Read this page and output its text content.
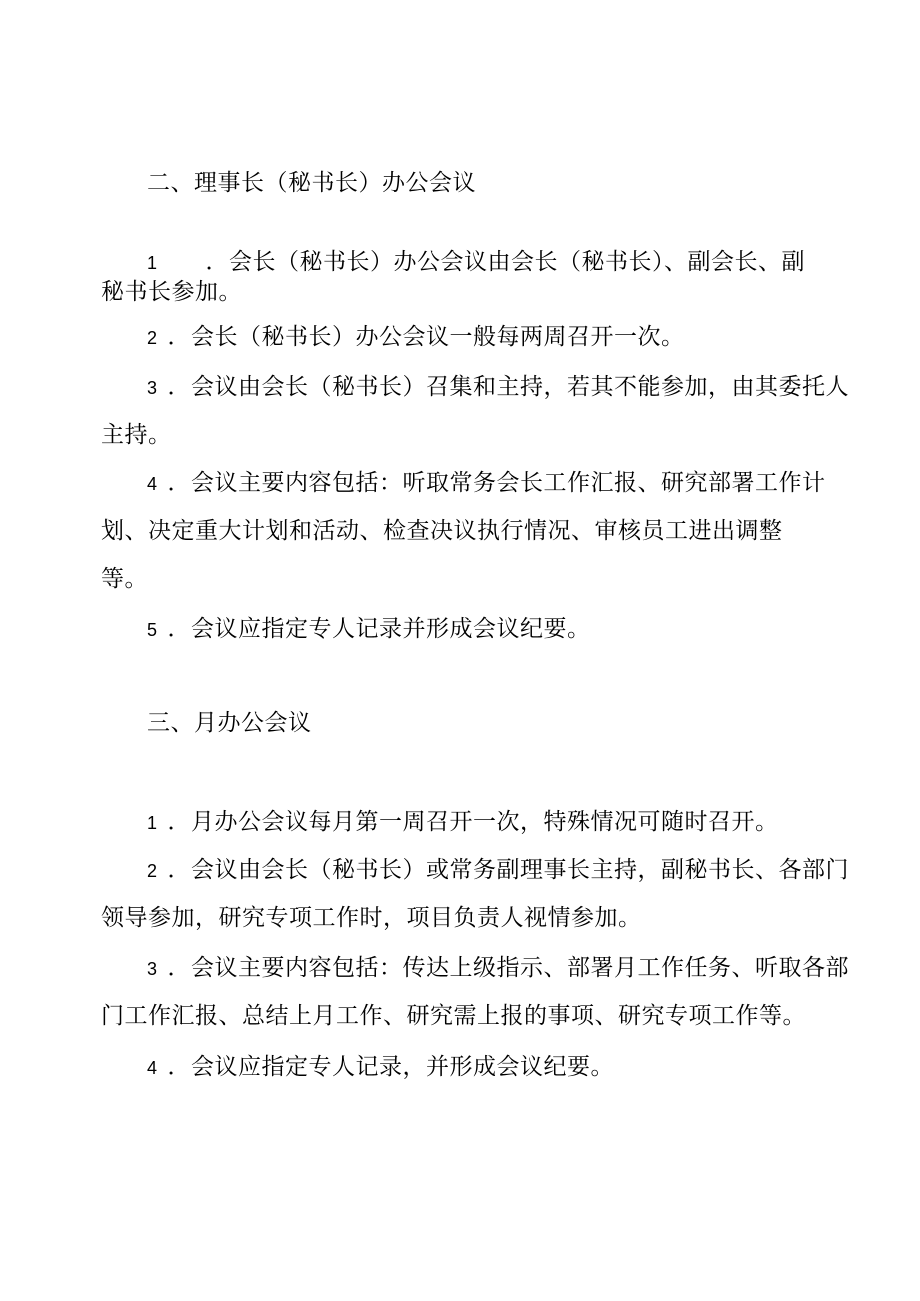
二、理事长（秘书长）办公会议
1 ．会长（秘书长）办公会议由会长（秘书长）、副会长、副
秘书长参加。
2 ．会长（秘书长）办公会议一般每两周召开一次。
3 ．会议由会长（秘书长）召集和主持，若其不能参加，由其委托人
主持。
4 ．会议主要内容包括：听取常务会长工作汇报、研究部署工作计
划、决定重大计划和活动、检查决议执行情况、审核员工进出调整
等。
5 ．会议应指定专人记录并形成会议纪要。
三、月办公会议
1 ．月办公会议每月第一周召开一次，特殊情况可随时召开。
2 ．会议由会长（秘书长）或常务副理事长主持，副秘书长、各部门
领导参加，研究专项工作时，项目负责人视情参加。
3 ．会议主要内容包括：传达上级指示、部署月工作任务、听取各部
门工作汇报、总结上月工作、研究需上报的事项、研究专项工作等。
4 ．会议应指定专人记录，并形成会议纪要。
